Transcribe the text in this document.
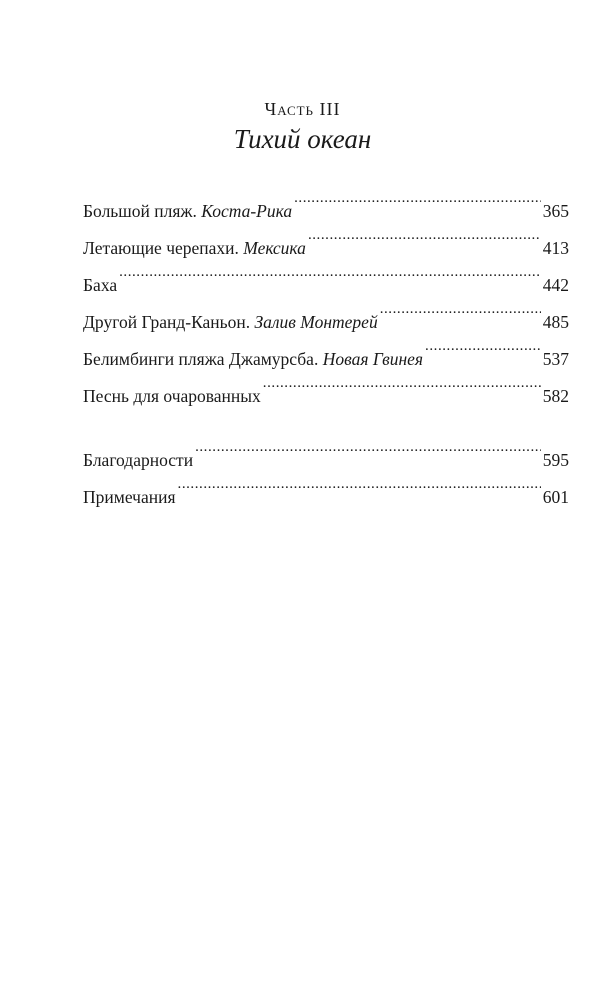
Часть III
Тихий океан
Большой пляж. Коста-Рика . . .	365
Летающие черепахи. Мексика . . .	413
Баха . . .	442
Другой Гранд-Каньон. Залив Монтерей . . .	485
Белимбинги пляжа Джамурсба. Новая Гвинея . . .	537
Песнь для очарованных . . .	582
Благодарности . . .	595
Примечания . . .	601
